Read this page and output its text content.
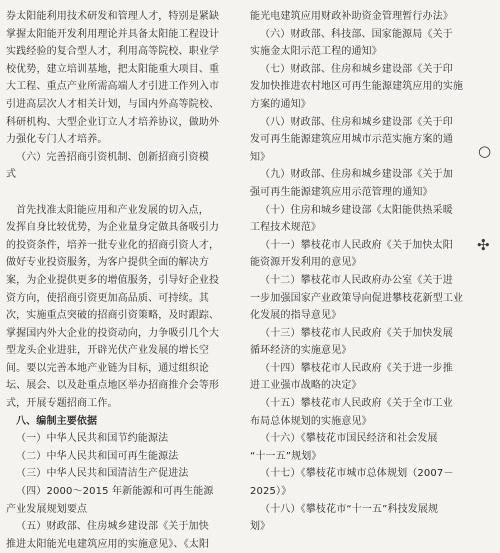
券太阳能利用技术研发和管理人才，特别是紧缺
掌握太阳能开发利用理论并具备太阳能工程设计
实践经验的复合型人才，利用高等院校、职业学
校优势，建立培训基地，把太阳能重大项目、重
大工程、重点产业所需高端人才引进工作列入市
引进高层次人才相关计划，与国内外高等院校、
科研机构、大型企业订立人才培养协议，做助外
力强化专门人才培养。
（六）完善招商引资机制、创新招商引资模
式
首先找准太阳能应用和产业发展的切入点，
发挥自身比较优势，为企业量身定做具备吸引力
的投资条件，培养一批专业化的招商引资人才，
做好专业投资服务，为客户提供全面的解决方
案，为企业提供更多的增值服务，引导好企业投
资方向，使招商引资更加高品质、可持续。其
次，实施重点突破的招商引资策略，及时跟踪、
掌握国内外大企业的投资动向，力争吸引几个大
型龙头企业进驻，开辟光伏产业发展的增长空
间。要以完善本地产业链为目标，通过组织论
坛、展会、以及赴重点地区举办招商推介会等形
式，开展专题招商工作。
八、编制主要依据
（一）中华人民共和国节约能源法
（二）中华人民共和国可再生能源法
（三）中华人民共和国清洁生产促进法
（四）2000～2015 年新能源和可再生能源
产业发展规划要点
（五）财政部、住房城乡建设部《关于加快
推进太阳能光电建筑应用的实施意见》、《太阳
能光电建筑应用财政补助资金管理暂行办法》
（六）财政部、科技部、国家能源局《关于
实施金太阳示范工程的通知》
（七）财政部、住房和城乡建设部《关于印
发加快推进农村地区可再生能源建筑应用的实施
方案的通知》
（八）财政部、住房和城乡建设部《关于印
发可再生能源建筑应用城市示范实施方案的通
知》
（九）财政部、住房和城乡建设部《关于加
强可再生能源建筑应用示范管理的通知》
（十）住房和城乡建设部《太阳能供热采暖
工程技术规范》
（十一）攀枝花市人民政府《关于加快太阳
能资源开发利用的意见》
（十二）攀枝花市人民政府办公室《关于进
一步加强国家产业政策导向促进攀枝花新型工业
化发展的指导意见》
（十三）攀枝花市人民政府《关于加快发展
循环经济的实施意见》
（十四）攀枝花市人民政府《关于进一步推
进工业强市战略的决定》
（十五）攀枝花市人民政府《关于全市工业
布局总体规划的实施意见》
（十六）《攀枝花市国民经济和社会发展
“十一五”规划》
（十七）《攀枝花市城市总体规划（2007－
2025）》
（十八）《攀枝花市“十一五”科技发展规
划》
○
✣
